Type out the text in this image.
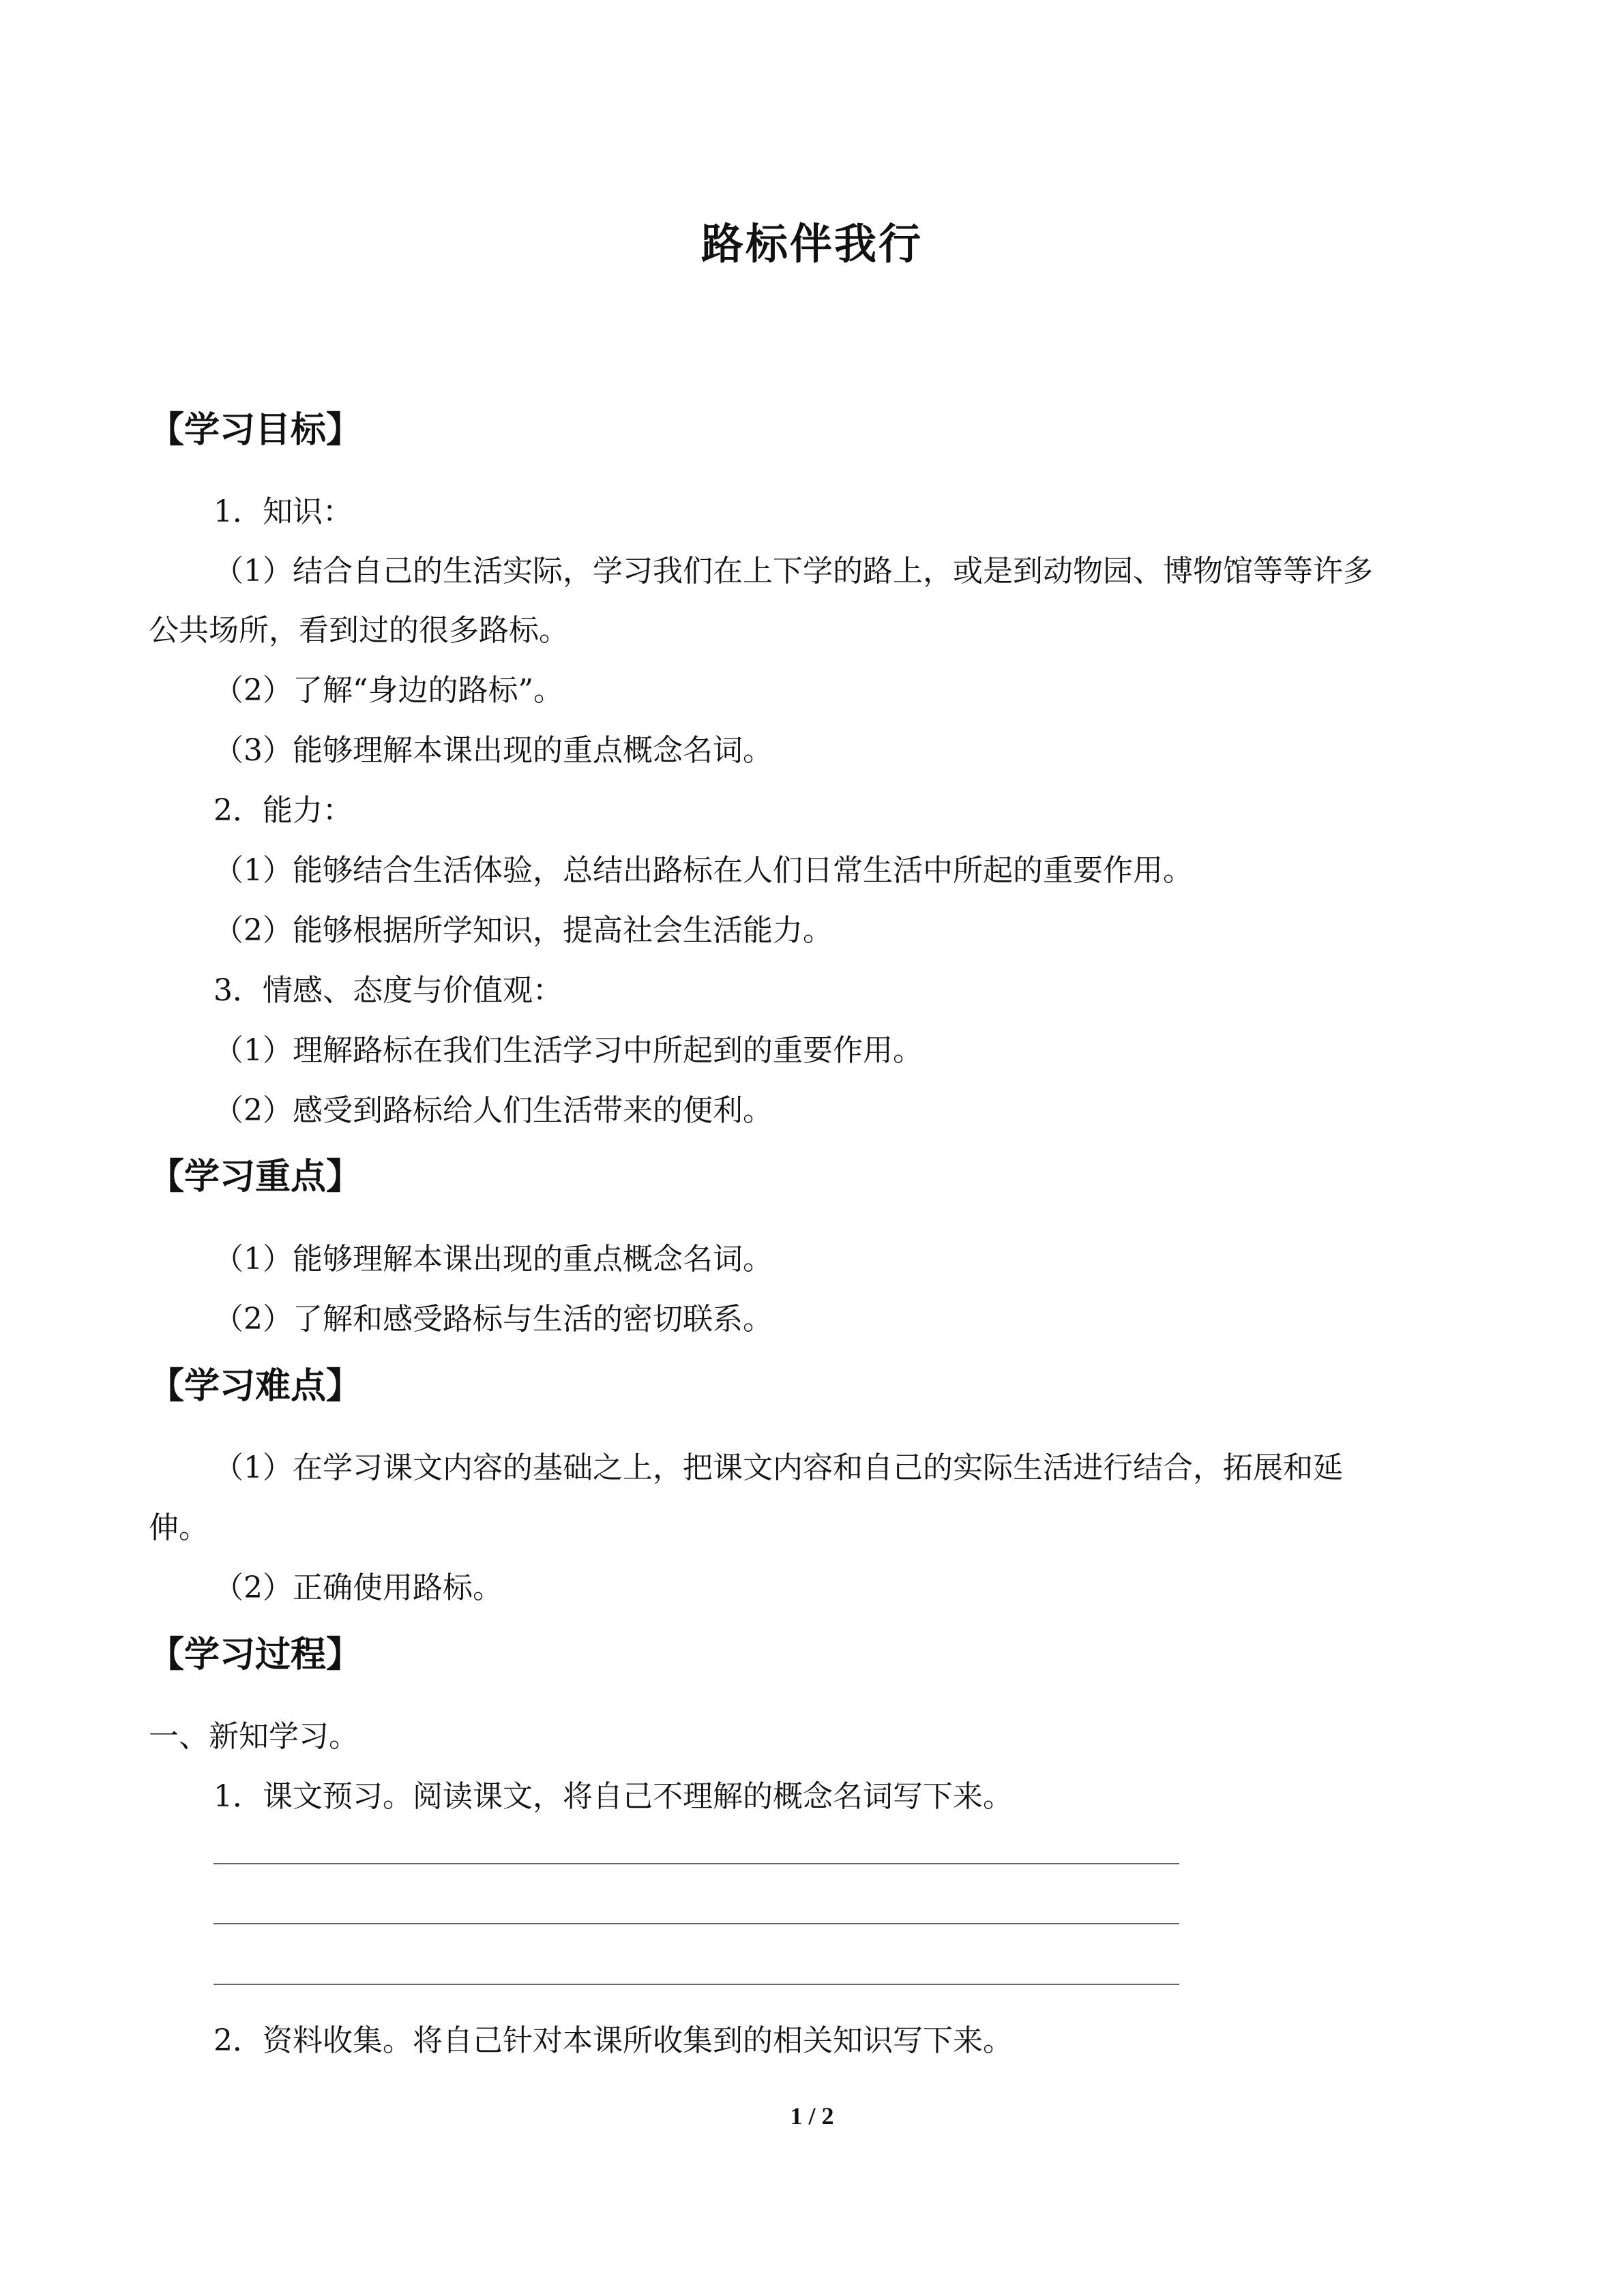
路标伴我行
【学习目标】
1．知识：
（1）结合自己的生活实际，学习我们在上下学的路上，或是到动物园、博物馆等等许多
公共场所，看到过的很多路标。
（2）了解“身边的路标”。
（3）能够理解本课出现的重点概念名词。
2．能力：
（1）能够结合生活体验，总结出路标在人们日常生活中所起的重要作用。
（2）能够根据所学知识，提高社会生活能力。
3．情感、态度与价值观：
（1）理解路标在我们生活学习中所起到的重要作用。
（2）感受到路标给人们生活带来的便利。
【学习重点】
（1）能够理解本课出现的重点概念名词。
（2）了解和感受路标与生活的密切联系。
【学习难点】
（1）在学习课文内容的基础之上，把课文内容和自己的实际生活进行结合，拓展和延
伸。
（2）正确使用路标。
【学习过程】
一、新知学习。
1．课文预习。阅读课文，将自己不理解的概念名词写下来。
2．资料收集。将自己针对本课所收集到的相关知识写下来。
1 / 2
